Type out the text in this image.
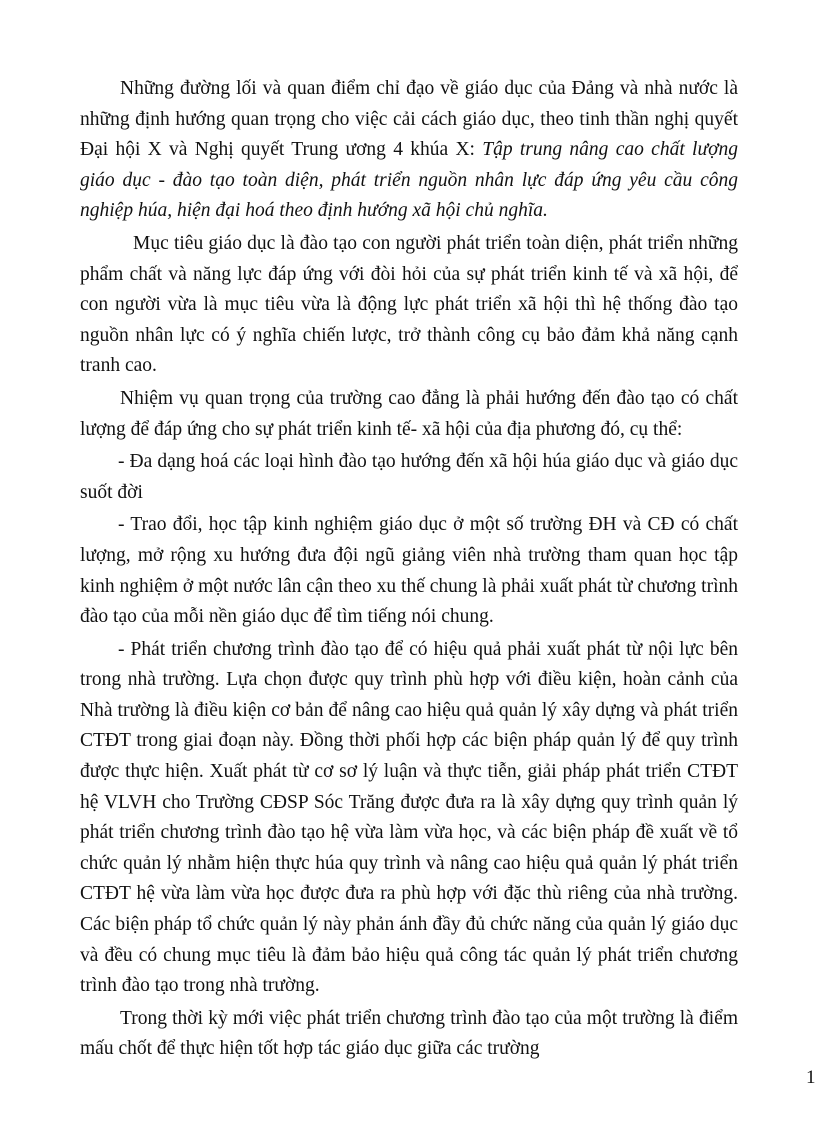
Những đường lối và quan điểm chỉ đạo về giáo dục của Đảng và nhà nước là những định hướng quan trọng cho việc cải cách giáo dục, theo tinh thần nghị quyết Đại hội X và Nghị quyết Trung ương 4 khúa X: Tập trung nâng cao chất lượng giáo dục - đào tạo toàn diện, phát triển nguồn nhân lực đáp ứng yêu cầu công nghiệp húa, hiện đại hoá theo định hướng xã hội chủ nghĩa.

Mục tiêu giáo dục là đào tạo con người phát triển toàn diện, phát triển những phẩm chất và năng lực đáp ứng với đòi hỏi của sự phát triển kinh tế và xã hội, để con người vừa là mục tiêu vừa là động lực phát triển xã hội thì hệ thống đào tạo nguồn nhân lực có ý nghĩa chiến lược, trở thành công cụ bảo đảm khả năng cạnh tranh cao.

Nhiệm vụ quan trọng của trường cao đẳng là phải hướng đến đào tạo có chất lượng để đáp ứng cho sự phát triển kinh tế- xã hội của địa phương đó, cụ thể:

- Đa dạng hoá các loại hình đào tạo hướng đến xã hội húa giáo dục và giáo dục suốt đời

- Trao đổi, học tập kinh nghiệm giáo dục ở một số trường ĐH và CĐ có chất lượng, mở rộng xu hướng đưa đội ngũ giảng viên nhà trường tham quan học tập kinh nghiệm ở một nước lân cận theo xu thế chung là phải xuất phát từ chương trình đào tạo của mỗi nền giáo dục để tìm tiếng nói chung.

- Phát triển chương trình đào tạo để có hiệu quả phải xuất phát từ nội lực bên trong nhà trường. Lựa chọn được quy trình phù hợp với điều kiện, hoàn cảnh của Nhà trường là điều kiện cơ bản để nâng cao hiệu quả quản lý xây dựng và phát triển CTĐT trong giai đoạn này. Đồng thời phối hợp các biện pháp quản lý để quy trình được thực hiện. Xuất phát từ cơ sơ lý luận và thực tiễn, giải pháp phát triển CTĐT hệ VLVH cho Trường CĐSP Sóc Trăng được đưa ra là xây dựng quy trình quản lý phát triển chương trình đào tạo hệ vừa làm vừa học, và các biện pháp đề xuất về tổ chức quản lý nhằm hiện thực húa quy trình và nâng cao hiệu quả quản lý phát triển CTĐT hệ vừa làm vừa học được đưa ra phù hợp với đặc thù riêng của nhà trường. Các biện pháp tổ chức quản lý này phản ánh đầy đủ chức năng của quản lý giáo dục và đều có chung mục tiêu là đảm bảo hiệu quả công tác quản lý phát triển chương trình đào tạo trong nhà trường.

Trong thời kỳ mới việc phát triển chương trình đào tạo của một trường là điểm mấu chốt để thực hiện tốt hợp tác giáo dục giữa các trường

1
